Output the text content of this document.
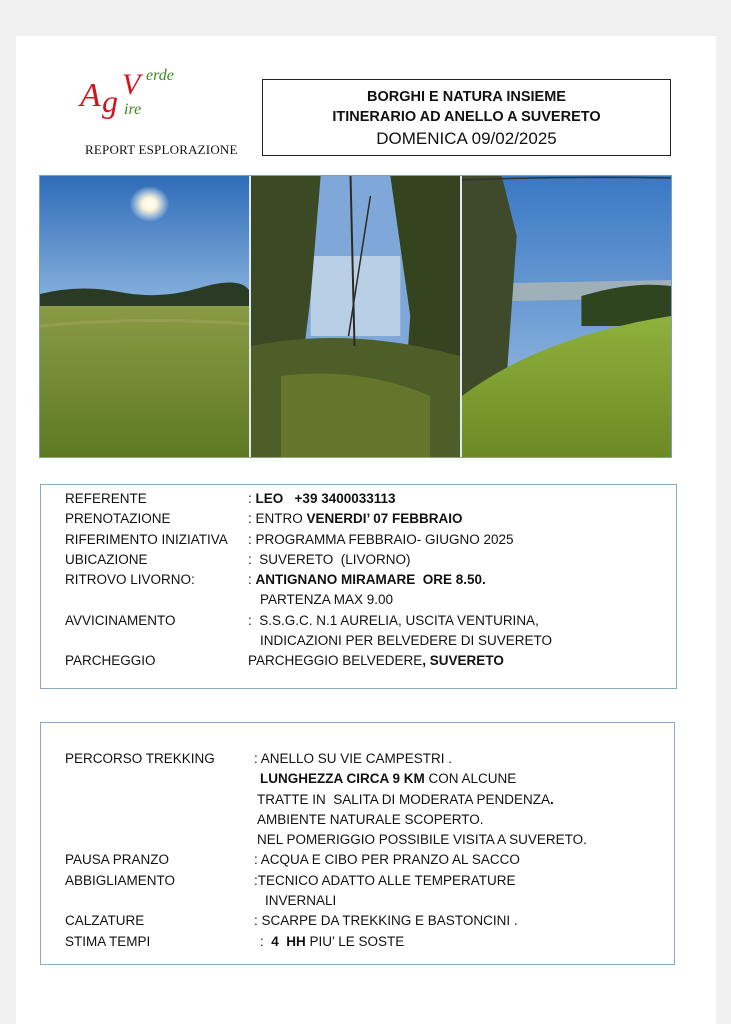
A g V erde
ire
REPORT ESPLORAZIONE
BORGHI E NATURA INSIEME
ITINERARIO AD ANELLO A SUVERETO
DOMENICA 09/02/2025
REFERENTE	: LEO +39 3400033113
PRENOTAZIONE	: ENTRO VENERDI’ 07 FEBBRAIO
RIFERIMENTO INIZIATIVA : PROGRAMMA FEBBRAIO- GIUGNO 2025
UBICAZIONE	:  SUVERETO  (LIVORNO)
RITROVO LIVORNO:	: ANTIGNANO MIRAMARE  ORE 8.50.
PARTENZA MAX 9.00
AVVICINAMENTO	:  S.S.G.C. N.1 AURELIA, USCITA VENTURINA,
INDICAZIONI PER BELVEDERE DI SUVERETO
PARCHEGGIO	PARCHEGGIO BELVEDERE, SUVERETO
PERCORSO TREKKING	: ANELLO SU VIE CAMPESTRI .
LUNGHEZZA CIRCA 9 KM CON ALCUNE
TRATTE IN  SALITA DI MODERATA PENDENZA.
AMBIENTE NATURALE SCOPERTO.
NEL POMERIGGIO POSSIBILE VISITA A SUVERETO.
PAUSA PRANZO	: ACQUA E CIBO PER PRANZO AL SACCO
ABBIGLIAMENTO	:TECNICO ADATTO ALLE TEMPERATURE
INVERNALI
CALZATURE	: SCARPE DA TREKKING E BASTONCINI .
STIMA TEMPI	:  4  HH PIU’ LE SOSTE
